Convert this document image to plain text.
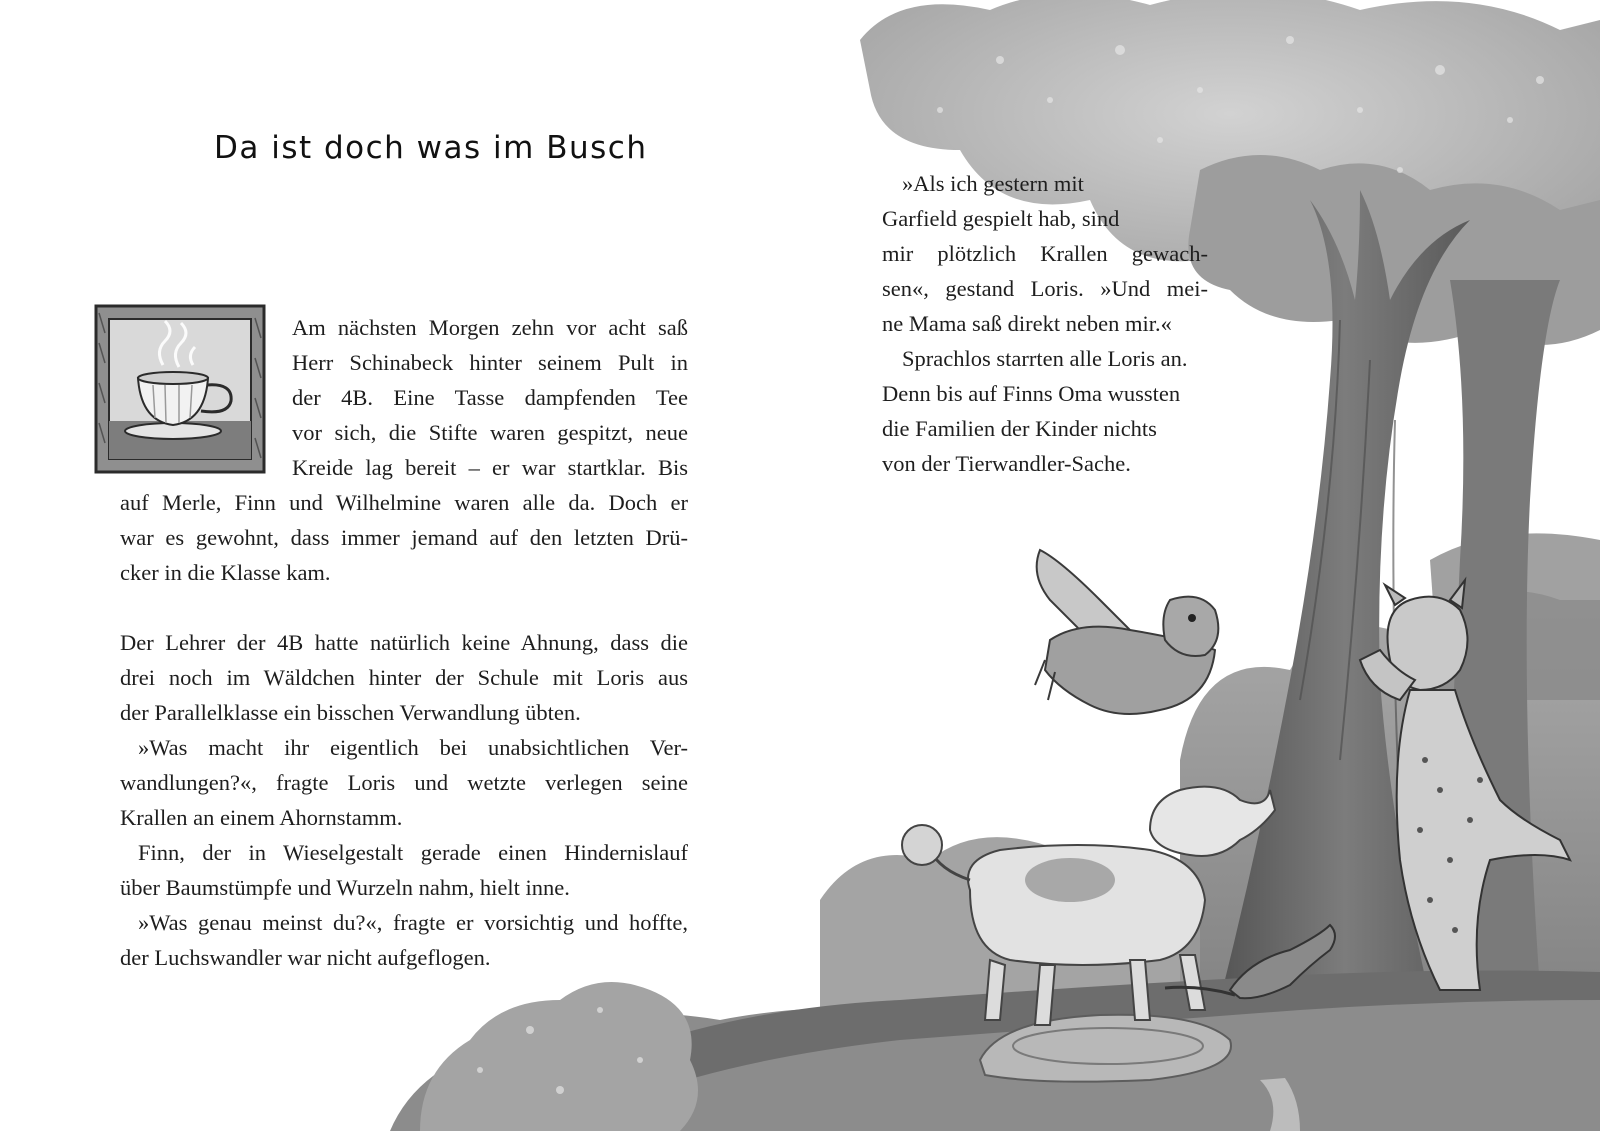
Da ist doch was im Busch
Am nächsten Morgen zehn vor acht saß
Herr Schinabeck hinter seinem Pult in
der 4B. Eine Tasse dampfenden Tee
vor sich, die Stifte waren gespitzt, neue
Kreide lag bereit – er war startklar. Bis
auf Merle, Finn und Wilhelmine waren alle da. Doch er
war es gewohnt, dass immer jemand auf den letzten Drü-
cker in die Klasse kam.
Der Lehrer der 4B hatte natürlich keine Ahnung, dass die
drei noch im Wäldchen hinter der Schule mit Loris aus
der Parallelklasse ein bisschen Verwandlung übten.
»Was macht ihr eigentlich bei unabsichtlichen Ver-
wandlungen?«, fragte Loris und wetzte verlegen seine
Krallen an einem Ahornstamm.
Finn, der in Wieselgestalt gerade einen Hindernislauf
über Baumstümpfe und Wurzeln nahm, hielt inne.
»Was genau meinst du?«, fragte er vorsichtig und hoffte,
der Luchswandler war nicht aufgeflogen.
»Als ich gestern mit
Garfield gespielt hab, sind
mir plötzlich Krallen gewach-
sen«, gestand Loris. »Und mei-
ne Mama saß direkt neben mir.«
Sprachlos starrten alle Loris an.
Denn bis auf Finns Oma wussten
die Familien der Kinder nichts
von der Tierwandler-Sache.
